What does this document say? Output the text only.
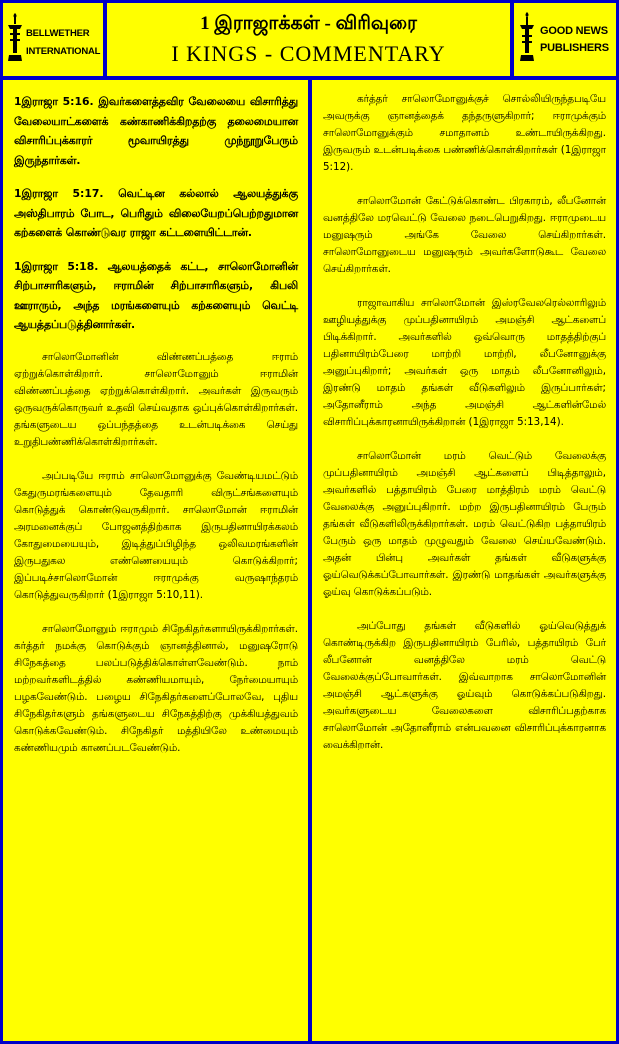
BELLWETHER
INTERNATIONAL
1 இராஜாக்கள் - விரிவுரை
I KINGS - COMMENTARY
GOOD NEWS
PUBLISHERS

1இராஜா 5:16. இவர்களைத்தவிர வேலையை விசாரித்து வேலையாட்களைக் கண்காணிக்கிறதற்கு தலைமையான விசாரிப்புக்காரர் மூவாயிரத்து முந்நூறுபேரும் இருந்தார்கள்.

1இராஜா 5:17. வெட்டின கல்லால் ஆலயத்துக்கு அஸ்திபாரம் போட, பெரிதும் விலையேறப்பெற்றதுமான கற்களைக் கொண்டுவர ராஜா கட்டளையிட்டான்.

1இராஜா 5:18. ஆலயத்தைக் கட்ட, சாலொமோனின் சிற்பாசாரிகளும், ஈராமின் சிற்பாசாரிகளும், கிபலி ஊராரும், அந்த மரங்களையும் கற்களையும் வெட்டி ஆயத்தப்படுத்தினார்கள்.

சாலொமோனின் விண்ணப்பத்தை ஈராம் ஏற்றுக்கொள்கிறார். சாலொமோனும் ஈராமின் விண்ணப்பத்தை ஏற்றுக்கொள்கிறார். அவர்கள் இருவரும் ஒருவருக்கொருவர் உதவி செய்வதாக ஒப்புக்கொள்கிறார்கள். தங்களுடைய ஒப்பந்தத்தை உடன்படிக்கை செய்து உறுதிபண்ணிக்கொள்கிறார்கள்.

அப்படியே ஈராம் சாலொமோனுக்கு வேண்டியமட்டும் கேதுருமரங்களையும் தேவதாரி விருட்சங்களையும் கொடுத்துக் கொண்டுவருகிறார். சாலொமோன் ஈராமின் அரமனைக்குப் போஜனத்திற்காக இருபதினாயிரக்கலம் கோதுமையையும், இடித்துப்பிழிந்த ஒலிவமரங்களின் இருபதுகல எண்ணெயையும் கொடுக்கிறார்; இப்படிச்சாலொமோன் ஈராமுக்கு வருஷாந்தரம் கொடுத்துவருகிறார் (1இராஜா 5:10,11).

சாலொமோனும் ஈராமும் சிநேகிதர்களாயிருக்கிறார்கள். கர்த்தர் நமக்கு கொடுக்கும் ஞானத்தினால், மனுஷரோடு சிநேகத்தை பலப்படுத்திக்கொள்ளவேண்டும். நாம் மற்றவர்களிடத்தில் கண்ணியமாயும், நேர்மையாயும் பழகவேண்டும். பழைய சிநேகிதர்களைப்போலவே, புதிய சிநேகிதர்களும் தங்களுடைய சிநேகத்திற்கு முக்கியத்துவம் கொடுக்கவேண்டும். சிநேகிதர் மத்தியிலே உண்மையும் கண்ணியமும் காணப்படவேண்டும்.

கர்த்தர் சாலொமோனுக்குச் சொல்லியிருந்தபடியே அவருக்கு ஞானத்தைக் தந்தருளுகிறார்; ஈராமுக்கும் சாலொமோனுக்கும் சமாதானம் உண்டாயிருக்கிறது. இருவரும் உடன்படிக்கை பண்ணிக்கொள்கிறார்கள் (1இராஜா 5:12).

சாலொமோன் கேட்டுக்கொண்ட பிரகாரம், லீபனோன் வனத்திலே மரவெட்டு வேலை நடைபெறுகிறது. ஈராமுடைய மனுஷரும் அங்கே வேலை செய்கிறார்கள். சாலொமோனுடைய மனுஷரும் அவர்களோடுகூட வேலை செய்கிறார்கள்.

ராஜாவாகிய சாலொமோன் இஸ்ரவேலரெல்லாரிலும் ஊழியத்துக்கு முப்பதினாயிரம் அமஞ்சி ஆட்களைப் பிடிக்கிறார். அவர்களில் ஒவ்வொரு மாதத்திற்குப் பதினாயிரம்பேரை மாற்றி மாற்றி, லீபனோனுக்கு அனுப்புகிறார்; அவர்கள் ஒரு மாதம் லீபனோனிலும், இரண்டு மாதம் தங்கள் வீடுகளிலும் இருப்பார்கள்; அதோனீராம் அந்த அமஞ்சி ஆட்களின்மேல் விசாரிப்புக்காரனாயிருக்கிறான் (1இராஜா 5:13,14).

சாலொமோன் மரம் வெட்டும் வேலைக்கு முப்பதினாயிரம் அமஞ்சி ஆட்களைப் பிடித்தாலும், அவர்களில் பத்தாயிரம் பேரை மாத்திரம் மரம் வெட்டு வேலைக்கு அனுப்புகிறார். மற்ற இருபதினாயிரம் பேரும் தங்கள் வீடுகளிலிருக்கிறார்கள். மரம் வெட்டுகிற பத்தாயிரம் பேரும் ஒரு மாதம் முழுவதும் வேலை செய்யவேண்டும். அதன் பின்பு அவர்கள் தங்கள் வீடுகளுக்கு ஓய்வெடுக்கப்போவார்கள். இரண்டு மாதங்கள் அவர்களுக்கு ஓய்வு கொடுக்கப்படும்.

அப்போது தங்கள் வீடுகளில் ஓய்வெடுத்துக் கொண்டிருக்கிற இருபதினாயிரம் பேரில், பத்தாயிரம் பேர் லீபனோன் வனத்திலே மரம் வெட்டு வேலைக்குப்போவார்கள். இவ்வாறாக சாலொமோனின் அமஞ்சி ஆட்களுக்கு ஓய்வும் கொடுக்கப்படுகிறது. அவர்களுடைய வேலைகளை விசாரிப்பதற்காக சாலொமோன் அதோனீராம் என்பவனை விசாரிப்புக்காரனாக வைக்கிறான்.
